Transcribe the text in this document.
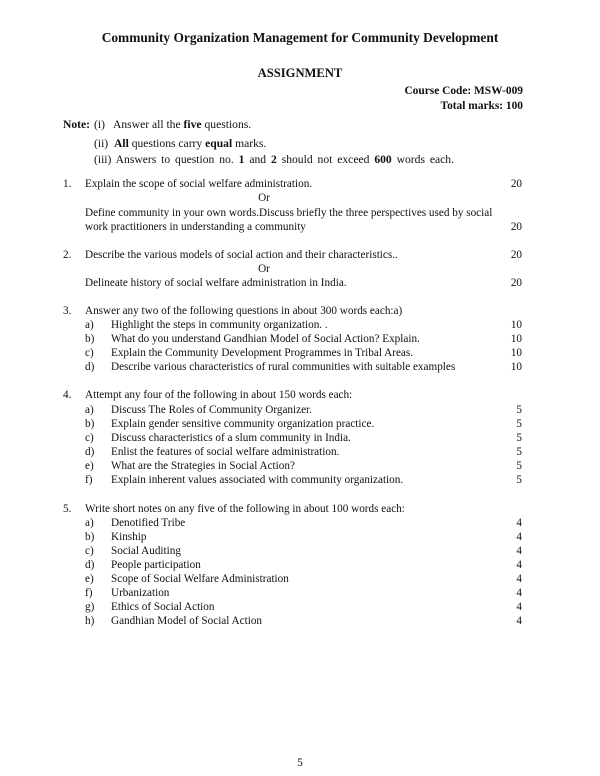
Community Organization Management for Community Development
ASSIGNMENT
Course Code: MSW-009
Total marks: 100
Note: (i) Answer all the five questions.
(ii) All questions carry equal marks.
(iii) Answers to question no. 1 and 2 should not exceed 600 words each.
1. Explain the scope of social welfare administration.	20
Or
Define community in your own words.Discuss briefly the three perspectives used by social
work practitioners in understanding a community	20
2. Describe the various models of social action and their characteristics..	20
Or
Delineate history of social welfare administration in India.	20
3. Answer any two of the following questions in about 300 words each:a)
a) Highlight the steps in community organization. .	10
b) What do you understand Gandhian Model of Social Action? Explain.	10
c) Explain the Community Development Programmes in Tribal Areas.	10
d) Describe various characteristics of rural communities with suitable examples	10
4. Attempt any four of the following in about 150 words each:
a) Discuss The Roles of Community Organizer.	5
b) Explain gender sensitive community organization practice.	5
c) Discuss characteristics of a slum community in India.	5
d) Enlist the features of social welfare administration.	5
e) What are the Strategies in Social Action?	5
f) Explain inherent values associated with community organization.	5
5. Write short notes on any five of the following in about 100 words each:
a) Denotified Tribe	4
b) Kinship	4
c) Social Auditing	4
d) People participation	4
e) Scope of Social Welfare Administration	4
f) Urbanization	4
g) Ethics of Social Action	4
h) Gandhian Model of Social Action	4
5
